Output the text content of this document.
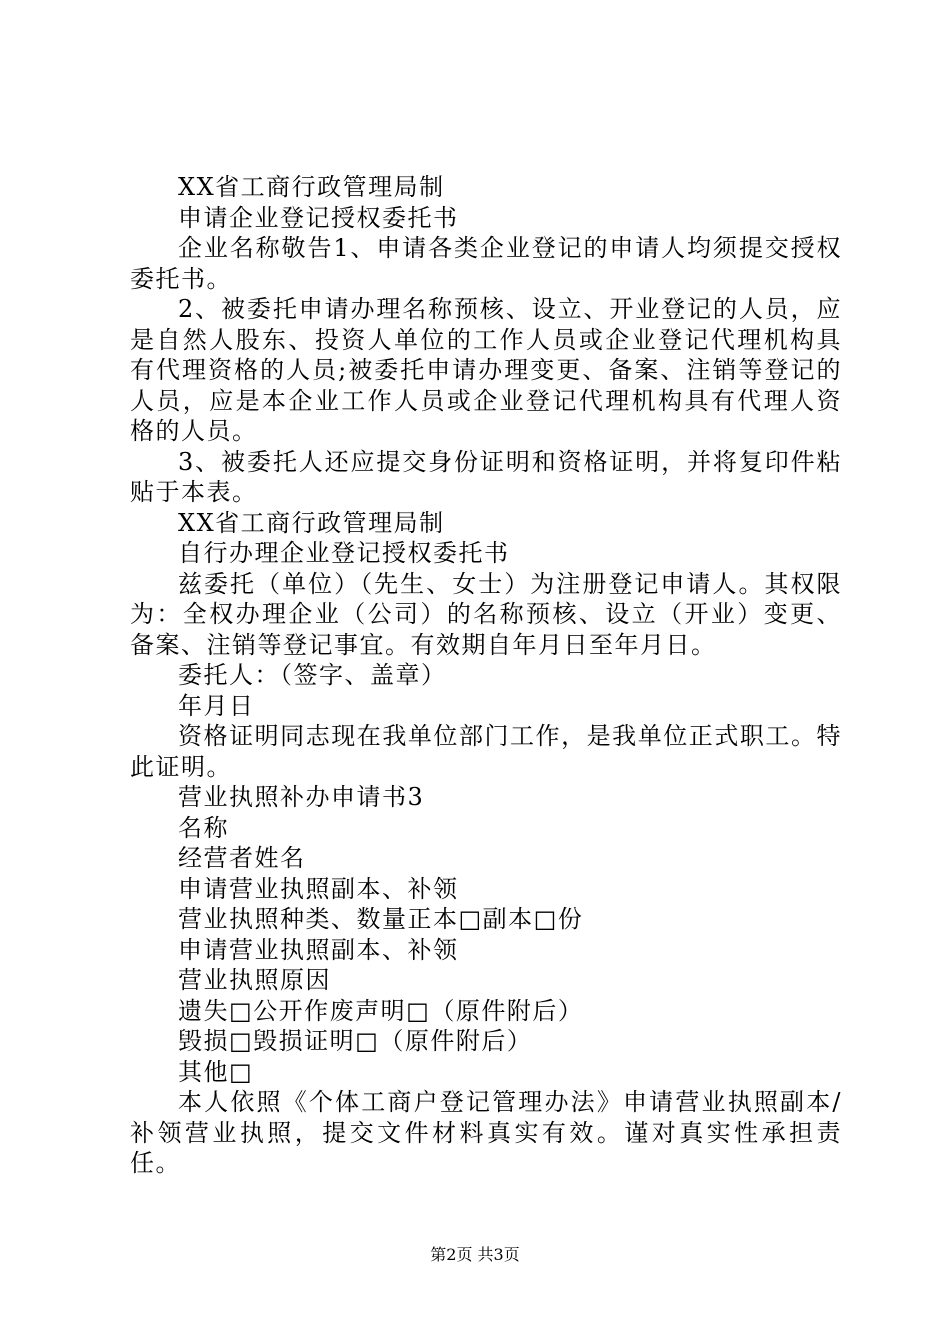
XX省工商行政管理局制

申请企业登记授权委托书

企业名称敬告1、申请各类企业登记的申请人均须提交授权委托书。

2、被委托申请办理名称预核、设立、开业登记的人员，应是自然人股东、投资人单位的工作人员或企业登记代理机构具有代理资格的人员;被委托申请办理变更、备案、注销等登记的人员，应是本企业工作人员或企业登记代理机构具有代理人资格的人员。

3、被委托人还应提交身份证明和资格证明，并将复印件粘贴于本表。

XX省工商行政管理局制

自行办理企业登记授权委托书

兹委托（单位）（先生、女士）为注册登记申请人。其权限为：全权办理企业（公司）的名称预核、设立（开业）变更、备案、注销等登记事宜。有效期自年月日至年月日。

委托人：（签字、盖章）

年月日

资格证明同志现在我单位部门工作，是我单位正式职工。特此证明。

营业执照补办申请书3

名称

经营者姓名

申请营业执照副本、补领

营业执照种类、数量正本□副本□份

申请营业执照副本、补领

营业执照原因

遗失□公开作废声明□（原件附后）

毁损□毁损证明□（原件附后）

其他□

本人依照《个体工商户登记管理办法》申请营业执照副本/补领营业执照，提交文件材料真实有效。谨对真实性承担责任。

第2页 共3页
